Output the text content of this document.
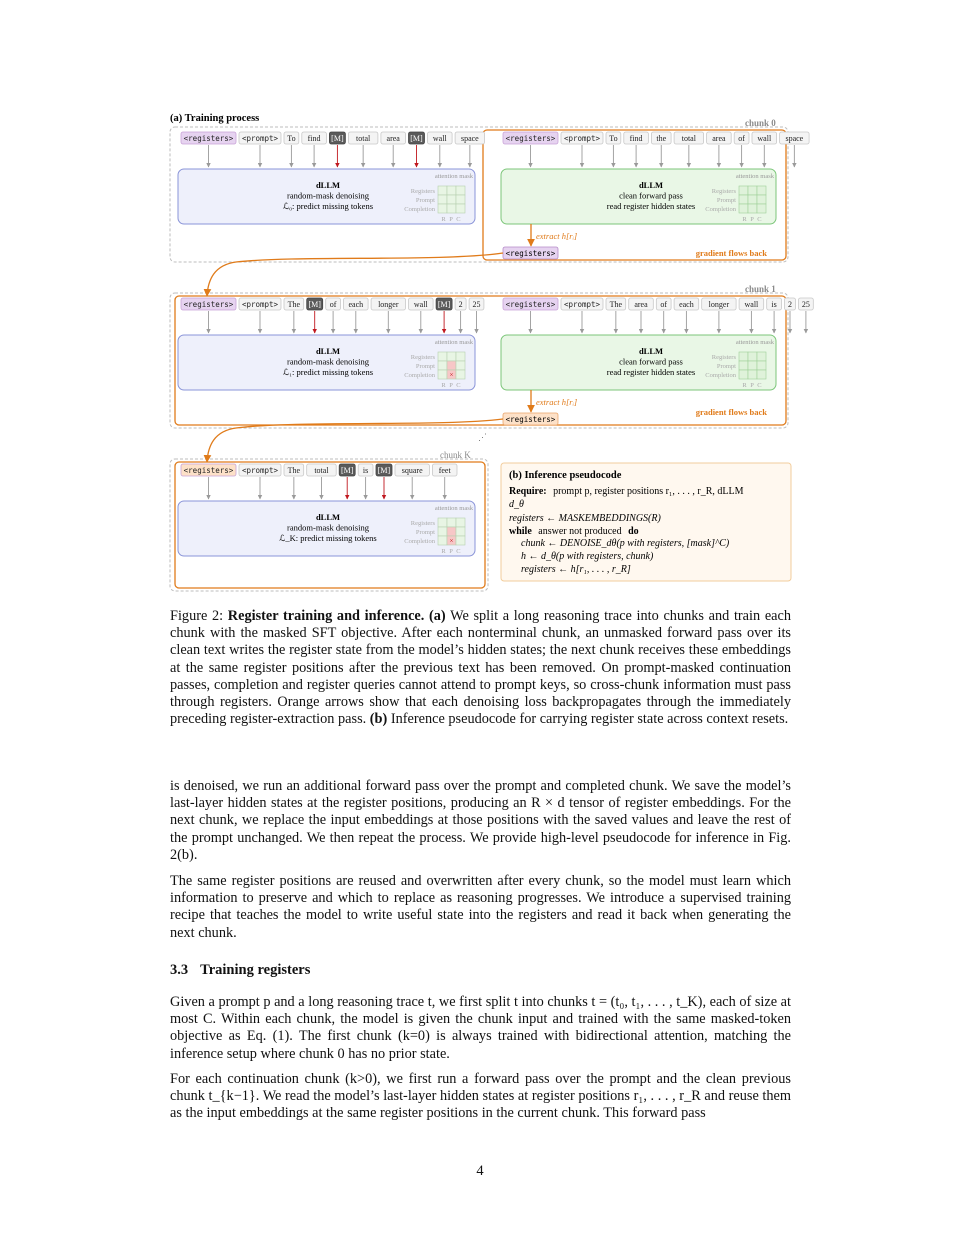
(a) Training process	chunk 0
chunk 1
chunk K
<registers> <prompt> To find [M] total area [M] wall space	<registers> <prompt> To find the total area of wall space
<registers> <prompt> The [M] of each longer wall [M] 2 25	<registers> <prompt> The area of each longer wall is 2 25
<registers> <prompt> The total [M] is [M] square feet
dLLM
random-mask denoising
ℒ₀: predict missing tokens
attention mask
Registers
Prompt
Completion
R P C
dLLM
clean forward pass
read register hidden states
attention mask
Registers
Prompt
Completion
R P C
dLLM
random-mask denoising
ℒ₁: predict missing tokens
attention mask
Registers
Prompt
Completion ×
R P C
dLLM
clean forward pass
read register hidden states
attention mask
Registers
Prompt
Completion
R P C
dLLM
random-mask denoising
ℒ_K: predict missing tokens
attention mask
Registers
Prompt
Completion ×
R P C
extract h[rᵢ]
<registers>	gradient flows back
extract h[rᵢ]
<registers>
gradient flows back
⋰
(b) Inference pseudocode
Require: prompt p, register positions r₁, . . . , r_R, dLLM
d_θ
registers ← MASKEMBEDDINGS(R)
while answer not produced do
chunk ← DENOISE_dθ(p with registers, [mask]^C)
h ← d_θ(p with registers, chunk)
registers ← h[r₁, . . . , r_R]
Figure 2: Register training and inference. (a) We split a long reasoning trace into chunks and train each chunk with the masked SFT objective. After each nonterminal chunk, an unmasked forward pass over its clean text writes the register state from the model’s hidden states; the next chunk receives these embeddings at the same register positions after the previous text has been removed. On prompt-masked continuation passes, completion and register queries cannot attend to prompt keys, so cross-chunk information must pass through registers. Orange arrows show that each denoising loss backpropagates through the immediately preceding register-extraction pass. (b) Inference pseudocode for carrying register state across context resets.

is denoised, we run an additional forward pass over the prompt and completed chunk. We save the model’s last-layer hidden states at the register positions, producing an R × d tensor of register embeddings. For the next chunk, we replace the input embeddings at those positions with the saved values and leave the rest of the prompt unchanged. We then repeat the process. We provide high-level pseudocode for inference in Fig. 2(b).

The same register positions are reused and overwritten after every chunk, so the model must learn which information to preserve and which to replace as reasoning progresses. We introduce a supervised training recipe that teaches the model to write useful state into the registers and read it back when generating the next chunk.

3.3 Training registers

Given a prompt p and a long reasoning trace t, we first split t into chunks t = (t₀, t₁, . . . , t_K), each of size at most C. Within each chunk, the model is given the chunk input and trained with the same masked-token objective as Eq. (1). The first chunk (k=0) is always trained with bidirectional attention, matching the inference setup where chunk 0 has no prior state.

For each continuation chunk (k>0), we first run a forward pass over the prompt and the clean previous chunk t_{k−1}. We read the model’s last-layer hidden states at register positions r₁, . . . , r_R and reuse them as the input embeddings at the same register positions in the current chunk. This forward pass

4
